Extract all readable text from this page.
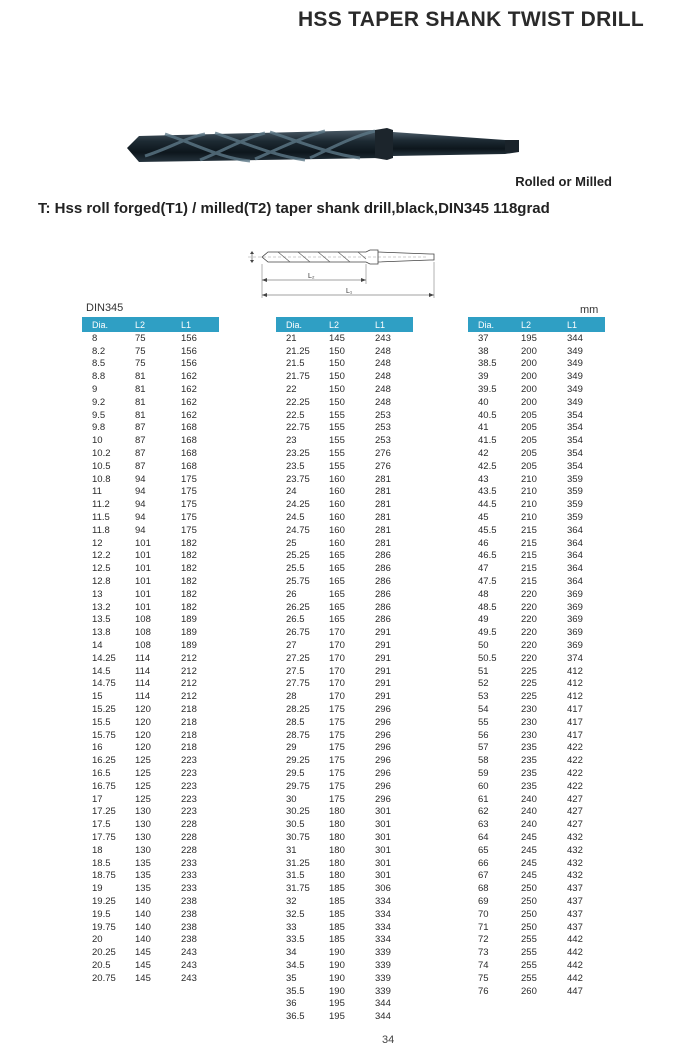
HSS TAPER SHANK TWIST DRILL
Rolled or Milled
T: Hss roll forged(T1) / milled(T2) taper shank drill,black,DIN345 118grad
L₂
L₁
DIN345	mm
Dia.	L2	L1
8	75	156
8.2	75	156
8.5	75	156
8.8	81	162
9	81	162
9.2	81	162
9.5	81	162
9.8	87	168
10	87	168
10.2	87	168
10.5	87	168
10.8	94	175
11	94	175
11.2	94	175
11.5	94	175
11.8	94	175
12	101	182
12.2	101	182
12.5	101	182
12.8	101	182
13	101	182
13.2	101	182
13.5	108	189
13.8	108	189
14	108	189
14.25	114	212
14.5	114	212
14.75	114	212
15	114	212
15.25	120	218
15.5	120	218
15.75	120	218
16	120	218
16.25	125	223
16.5	125	223
16.75	125	223
17	125	223
17.25	130	223
17.5	130	228
17.75	130	228
18	130	228
18.5	135	233
18.75	135	233
19	135	233
19.25	140	238
19.5	140	238
19.75	140	238
20	140	238
20.25	145	243
20.5	145	243
20.75	145	243
Dia.	L2	L1
21	145	243
21.25	150	248
21.5	150	248
21.75	150	248
22	150	248
22.25	150	248
22.5	155	253
22.75	155	253
23	155	253
23.25	155	276
23.5	155	276
23.75	160	281
24	160	281
24.25	160	281
24.5	160	281
24.75	160	281
25	160	281
25.25	165	286
25.5	165	286
25.75	165	286
26	165	286
26.25	165	286
26.5	165	286
26.75	170	291
27	170	291
27.25	170	291
27.5	170	291
27.75	170	291
28	170	291
28.25	175	296
28.5	175	296
28.75	175	296
29	175	296
29.25	175	296
29.5	175	296
29.75	175	296
30	175	296
30.25	180	301
30.5	180	301
30.75	180	301
31	180	301
31.25	180	301
31.5	180	301
31.75	185	306
32	185	334
32.5	185	334
33	185	334
33.5	185	334
34	190	339
34.5	190	339
35	190	339
35.5	190	339
36	195	344
36.5	195	344
Dia.	L2	L1
37	195	344
38	200	349
38.5	200	349
39	200	349
39.5	200	349
40	200	349
40.5	205	354
41	205	354
41.5	205	354
42	205	354
42.5	205	354
43	210	359
43.5	210	359
44.5	210	359
45	210	359
45.5	215	364
46	215	364
46.5	215	364
47	215	364
47.5	215	364
48	220	369
48.5	220	369
49	220	369
49.5	220	369
50	220	369
50.5	220	374
51	225	412
52	225	412
53	225	412
54	230	417
55	230	417
56	230	417
57	235	422
58	235	422
59	235	422
60	235	422
61	240	427
62	240	427
63	240	427
64	245	432
65	245	432
66	245	432
67	245	432
68	250	437
69	250	437
70	250	437
71	250	437
72	255	442
73	255	442
74	255	442
75	255	442
76	260	447
34
